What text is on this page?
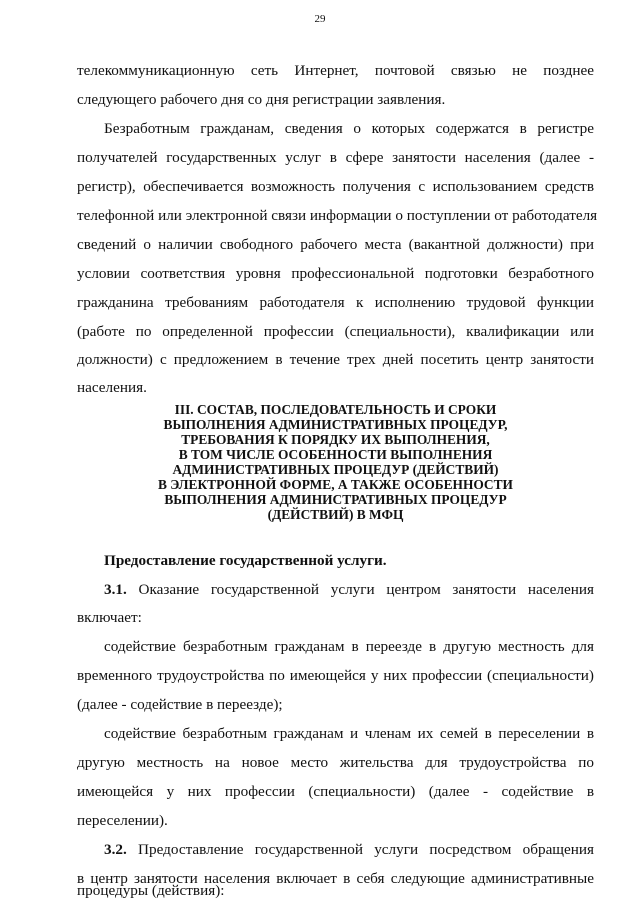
29
телекоммуникационную сеть Интернет, почтовой связью не позднее
следующего рабочего дня со дня регистрации заявления.
Безработным гражданам, сведения о которых содержатся в регистре
получателей государственных услуг в сфере занятости населения (далее -
регистр), обеспечивается возможность получения с использованием средств
телефонной или электронной связи информации о поступлении от работодателя
сведений о наличии свободного рабочего места (вакантной должности) при
условии соответствия уровня профессиональной подготовки безработного
гражданина требованиям работодателя к исполнению трудовой функции
(работе по определенной профессии (специальности), квалификации или
должности) с предложением в течение трех дней посетить центр занятости
населения.
III. СОСТАВ, ПОСЛЕДОВАТЕЛЬНОСТЬ И СРОКИ
ВЫПОЛНЕНИЯ АДМИНИСТРАТИВНЫХ ПРОЦЕДУР,
ТРЕБОВАНИЯ К ПОРЯДКУ ИХ ВЫПОЛНЕНИЯ,
В ТОМ ЧИСЛЕ ОСОБЕННОСТИ ВЫПОЛНЕНИЯ
АДМИНИСТРАТИВНЫХ ПРОЦЕДУР (ДЕЙСТВИЙ)
В ЭЛЕКТРОННОЙ ФОРМЕ, А ТАКЖЕ ОСОБЕННОСТИ
ВЫПОЛНЕНИЯ АДМИНИСТРАТИВНЫХ ПРОЦЕДУР
(ДЕЙСТВИЙ) В МФЦ
Предоставление государственной услуги.
3.1. Оказание государственной услуги центром занятости населения
включает:
содействие безработным гражданам в переезде в другую местность для
временного трудоустройства по имеющейся у них профессии (специальности)
(далее - содействие в переезде);
содействие безработным гражданам и членам их семей в переселении в
другую местность на новое место жительства для трудоустройства по
имеющейся у них профессии (специальности) (далее - содействие в
переселении).
3.2. Предоставление государственной услуги посредством обращения
в центр занятости населения включает в себя следующие административные
процедуры (действия):
